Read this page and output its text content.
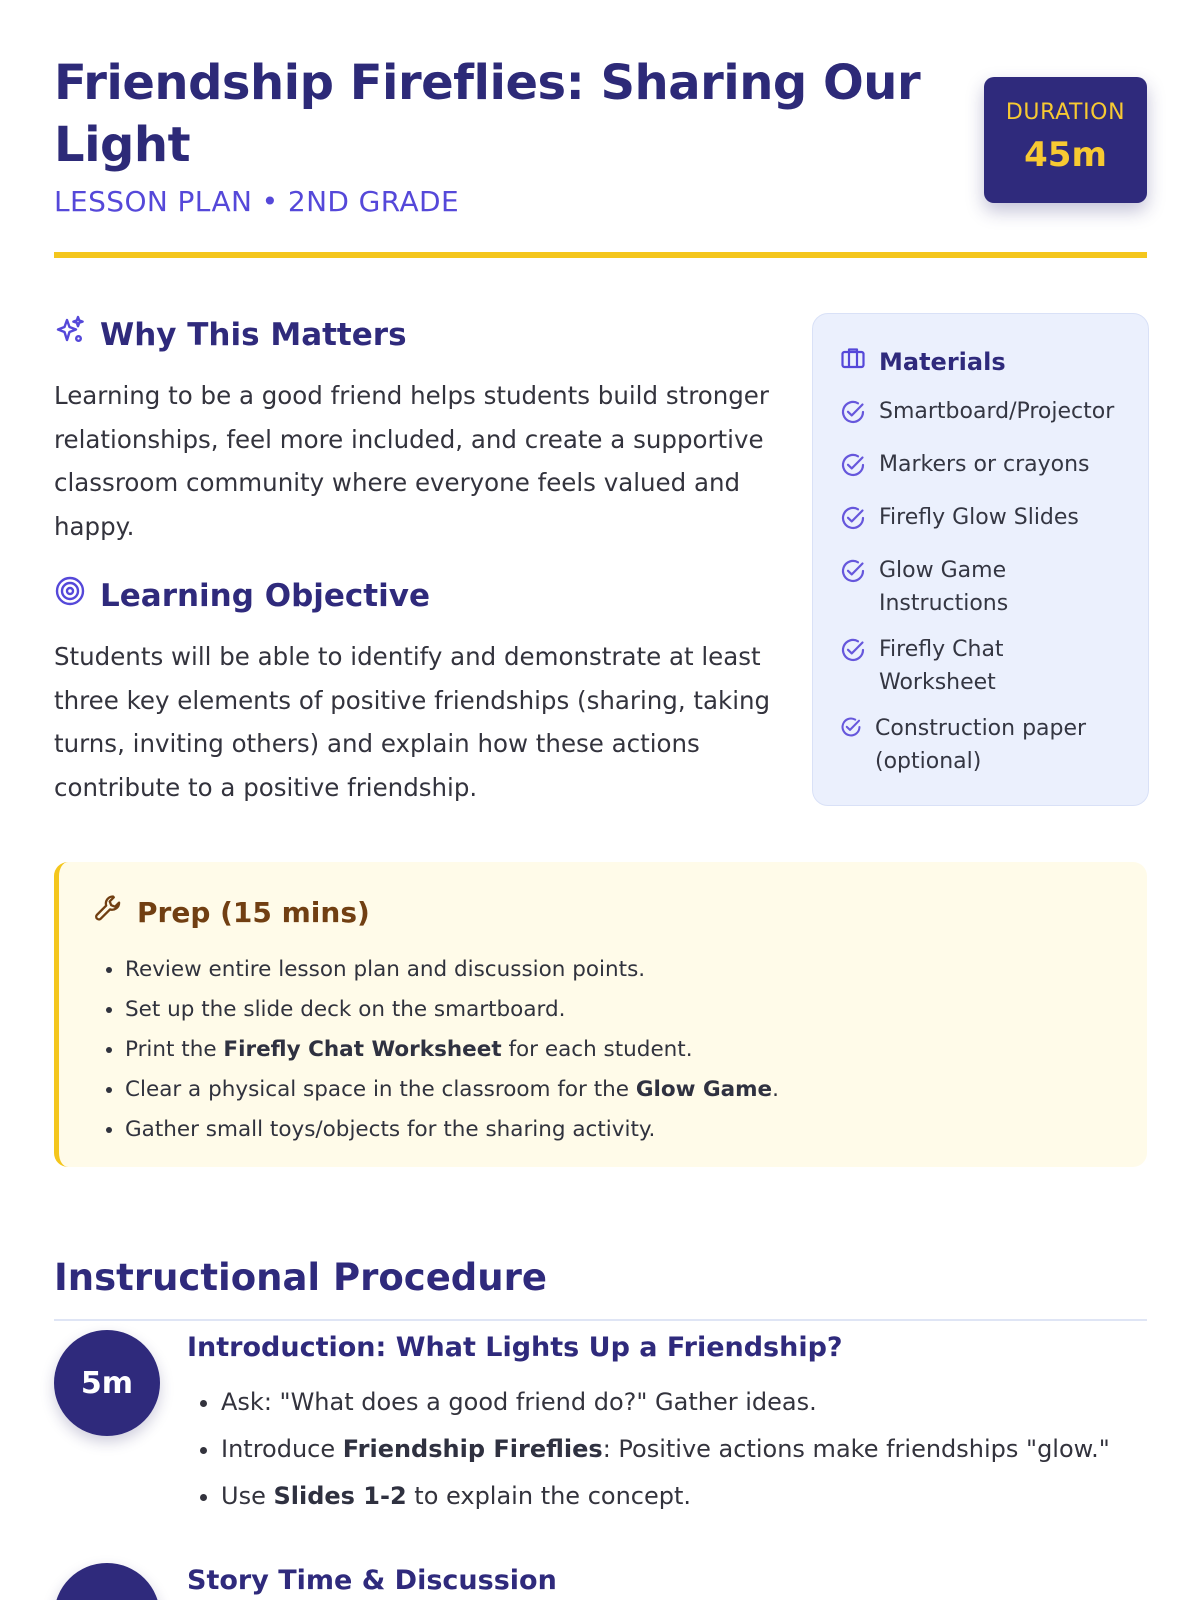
Friendship Fireflies: Sharing Our Light
LESSON PLAN • 2ND GRADE
DURATION
45m
Why This Matters
Learning to be a good friend helps students build stronger relationships, feel more included, and create a supportive classroom community where everyone feels valued and happy.
Learning Objective
Students will be able to identify and demonstrate at least three key elements of positive friendships (sharing, taking turns, inviting others) and explain how these actions contribute to a positive friendship.
Materials
Smartboard/Projector
Markers or crayons
Firefly Glow Slides
Glow Game Instructions
Firefly Chat Worksheet
Construction paper (optional)
Prep (15 mins)
• Review entire lesson plan and discussion points.
• Set up the slide deck on the smartboard.
• Print the Firefly Chat Worksheet for each student.
• Clear a physical space in the classroom for the Glow Game.
• Gather small toys/objects for the sharing activity.
Instructional Procedure
5m
Introduction: What Lights Up a Friendship?
• Ask: "What does a good friend do?" Gather ideas.
• Introduce Friendship Fireflies: Positive actions make friendships "glow."
• Use Slides 1-2 to explain the concept.
Story Time & Discussion
